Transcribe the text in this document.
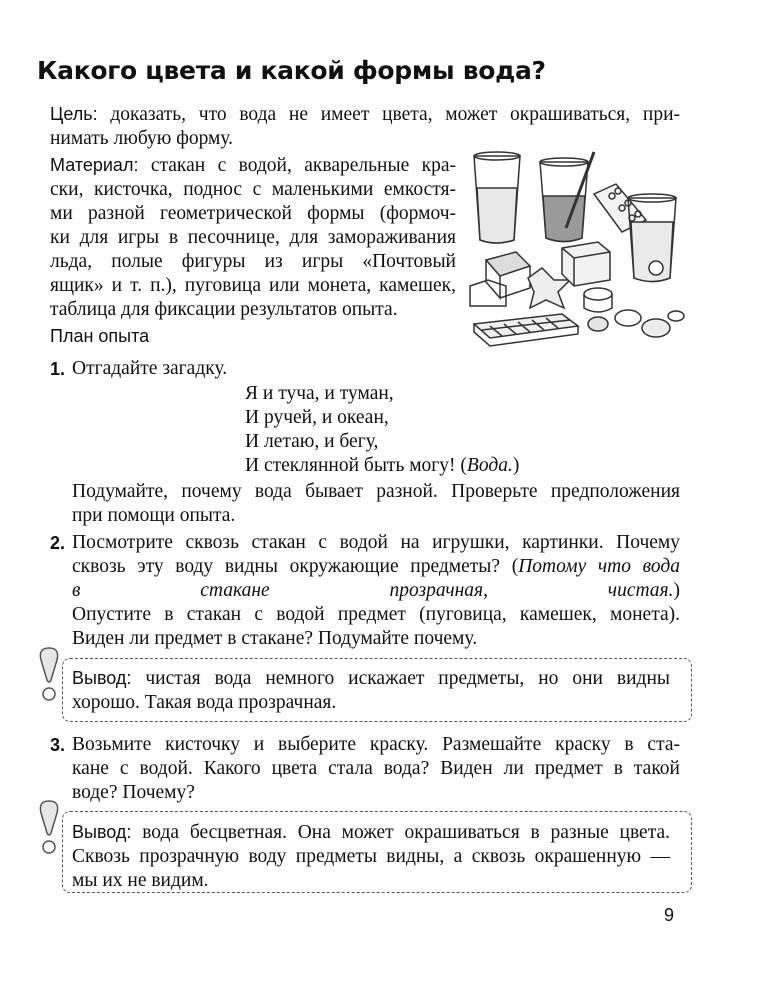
Какого цвета и какой формы вода?
Цель: доказать, что вода не имеет цвета, может окрашиваться, при-
нимать любую форму.
Материал: стакан с водой, акварельные кра-
ски, кисточка, поднос с маленькими емкостя-
ми разной геометрической формы (формоч-
ки для игры в песочнице, для замораживания
льда, полые фигуры из игры «Почтовый
ящик» и т. п.), пуговица или монета, камешек,
таблица для фиксации результатов опыта.
План опыта
1. Отгадайте загадку.
Я и туча, и туман,
И ручей, и океан,
И летаю, и бегу,
И стеклянной быть могу! (Вода.)
Подумайте, почему вода бывает разной. Проверьте предположения
при помощи опыта.
2. Посмотрите сквозь стакан с водой на игрушки, картинки. Почему
сквозь эту воду видны окружающие предметы? (Потому что вода
в стакане прозрачная, чистая.)
Опустите в стакан с водой предмет (пуговица, камешек, монета).
Виден ли предмет в стакане? Подумайте почему.
Вывод: чистая вода немного искажает предметы, но они видны
хорошо. Такая вода прозрачная.
3. Возьмите кисточку и выберите краску. Размешайте краску в ста-
кане с водой. Какого цвета стала вода? Виден ли предмет в такой
воде? Почему?
Вывод: вода бесцветная. Она может окрашиваться в разные цвета.
Сквозь прозрачную воду предметы видны, а сквозь окрашенную —
мы их не видим.
9
